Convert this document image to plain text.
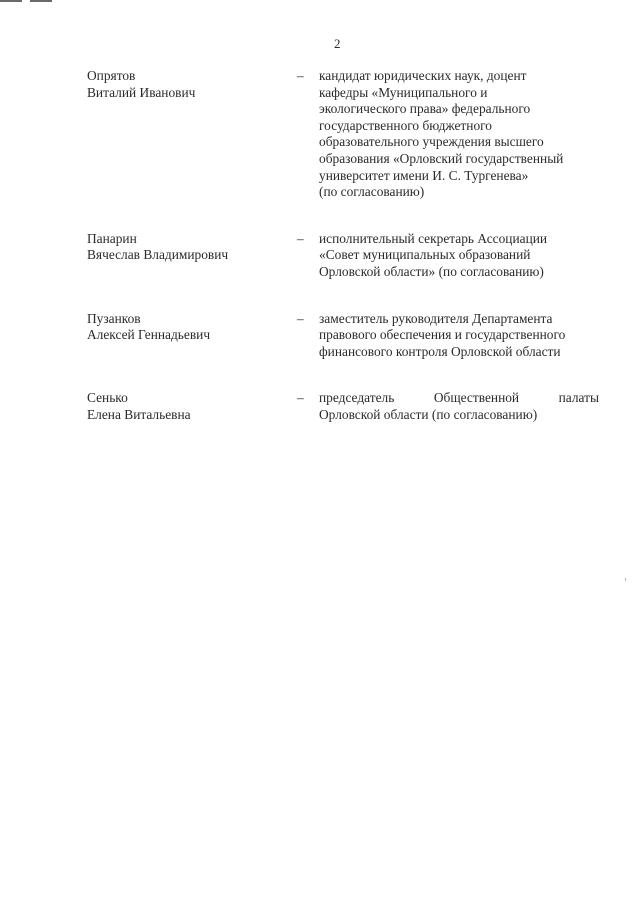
2
Опрятов
Виталий Иванович
–	кандидат юридических наук, доцент
кафедры «Муниципального и
экологического права» федерального
государственного бюджетного
образовательного учреждения высшего
образования «Орловский государственный
университет имени И. С. Тургенева»
(по согласованию)
Панарин
Вячеслав Владимирович
–	исполнительный секретарь Ассоциации
«Совет муниципальных образований
Орловской области» (по согласованию)
Пузанков
Алексей Геннадьевич
–	заместитель руководителя Департамента
правового обеспечения и государственного
финансового контроля Орловской области
Сенько
Елена Витальевна
–	председатель Общественной палаты
Орловской области (по согласованию)
